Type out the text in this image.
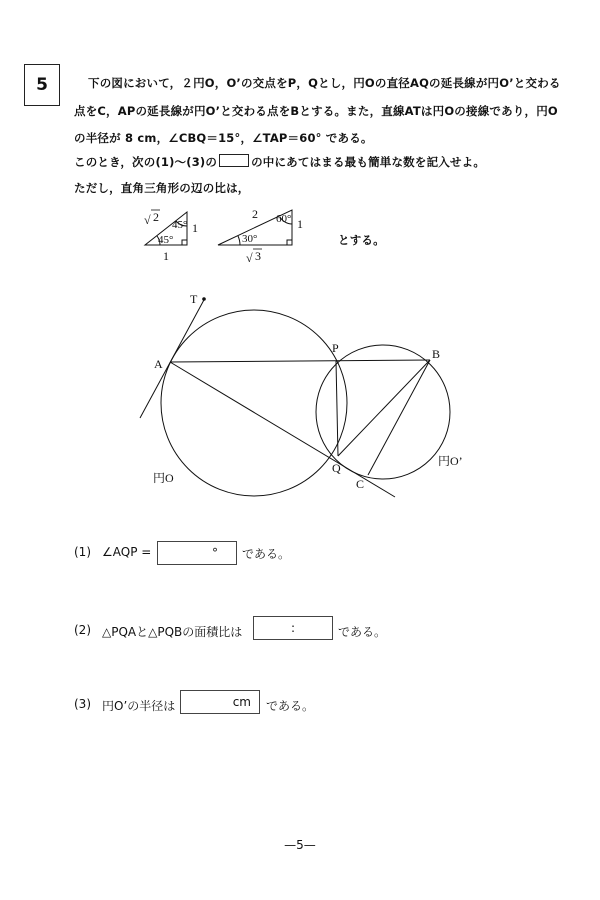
5	下の図において，２円O，O’の交点をP，Qとし，円Oの直径AQの延長線が円O’と交わる
点をC，APの延長線が円O’と交わる点をBとする。また，直線ATは円Oの接線であり，円O
の半径が 8 cm，∠CBQ＝15°，∠TAP＝60° である。
このとき，次の(1)〜(3)の	の中にあてはまる最も簡単な数を記入せよ。
ただし，直角三角形の辺の比は，
とする。
√ 2
45°
45°
1
1
2 60°
30°
1
√ 3
T
A
P	B
Q
C
円O
円O’
(1) ∠AQP =	° である。
(2) △PQAと△PQBの面積比は	:	である。
(3) 円O’の半径は	cm である。
—5—
